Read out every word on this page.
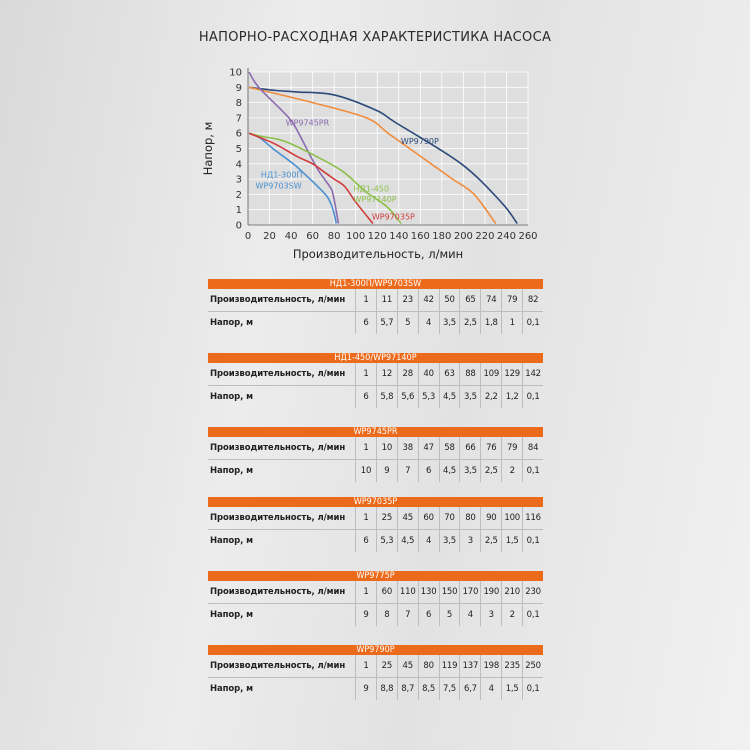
НАПОРНО-РАСХОДНАЯ ХАРАКТЕРИСТИКА НАСОСА
0 20 40 60 80 100 120 140 160 180 200 220 240 260
0
1
2
3
4
5
6
7
8
9
10
Производительность, л/мин
Напор, м	WP9745PR
WP9790P
НД1-300П
WP9703SW	НД1-450
WP97140P
WP97035P
НД1-300П/WP9703SW
Производительность, л/мин	1	11	23	42	50	65	74	79	82
Напор, м	6	5,7	5	4	3,5 2,5 1,8	1	0,1
НД1-450/WP97140P
Производительность, л/мин	1	12	28	40	63	88 109 129 142
Напор, м	6	5,8 5,6 5,3 4,5 3,5 2,2 1,2 0,1
WP9745PR
Производительность, л/мин	1	10	38	47	58	66	76	79	84
Напор, м	10	9	7	6	4,5 3,5 2,5	2	0,1
WP97035P
Производительность, л/мин	1	25	45	60	70	80	90 100 116
Напор, м	6	5,3 4,5	4	3,5	3	2,5 1,5 0,1
WP9775P
Производительность, л/мин	1	60 110 130 150 170 190 210 230
Напор, м	9	8	7	6	5	4	3	2	0,1
WP9790P
Производительность, л/мин	1	25	45	80 119 137 198 235 250
Напор, м	9	8,8 8,7 8,5 7,5 6,7	4	1,5 0,1
